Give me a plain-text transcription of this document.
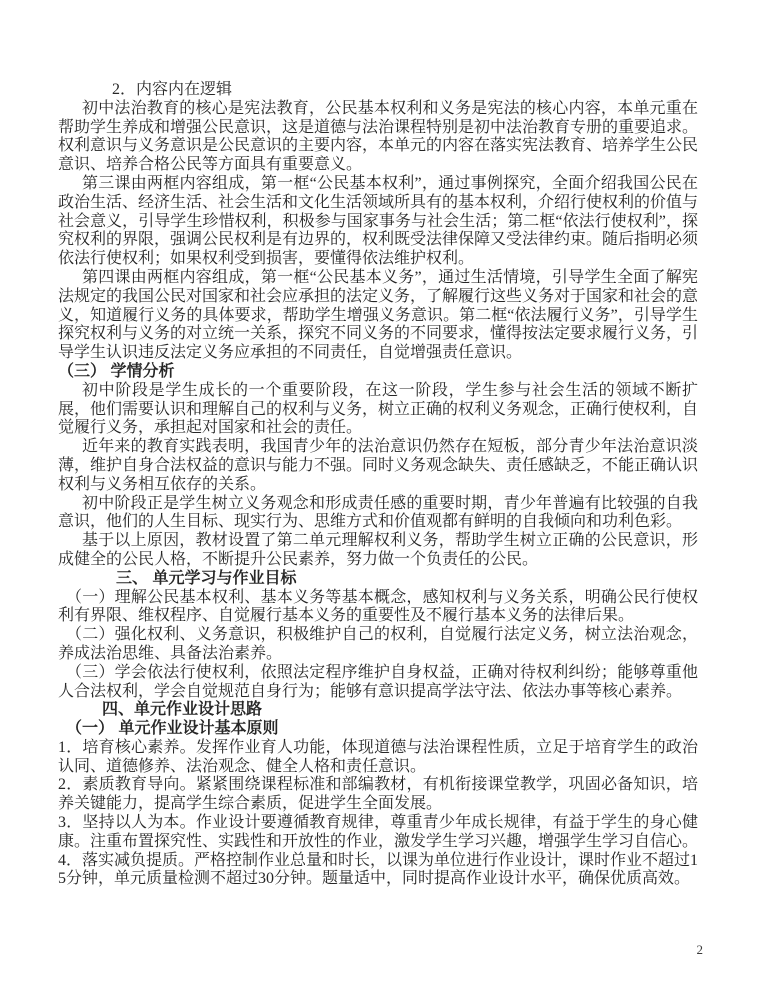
2．内容内在逻辑

初中法治教育的核心是宪法教育，公民基本权利和义务是宪法的核心内容，本单元重在帮助学生养成和增强公民意识，这是道德与法治课程特别是初中法治教育专册的重要追求。权利意识与义务意识是公民意识的主要内容，本单元的内容在落实宪法教育、培养学生公民意识、培养合格公民等方面具有重要意义。

第三课由两框内容组成，第一框“公民基本权利”，通过事例探究，全面介绍我国公民在政治生活、经济生活、社会生活和文化生活领域所具有的基本权利，介绍行使权利的价值与社会意义，引导学生珍惜权利，积极参与国家事务与社会生活；第二框“依法行使权利”，探究权利的界限，强调公民权利是有边界的，权利既受法律保障又受法律约束。随后指明必须依法行使权利；如果权利受到损害，要懂得依法维护权利。

第四课由两框内容组成，第一框“公民基本义务”，通过生活情境，引导学生全面了解宪法规定的我国公民对国家和社会应承担的法定义务，了解履行这些义务对于国家和社会的意义，知道履行义务的具体要求，帮助学生增强义务意识。第二框“依法履行义务”，引导学生探究权利与义务的对立统一关系，探究不同义务的不同要求，懂得按法定要求履行义务，引导学生认识违反法定义务应承担的不同责任，自觉增强责任意识。

（三） 学情分析

初中阶段是学生成长的一个重要阶段，在这一阶段，学生参与社会生活的领域不断扩展，他们需要认识和理解自己的权利与义务，树立正确的权利义务观念，正确行使权利，自觉履行义务，承担起对国家和社会的责任。

近年来的教育实践表明，我国青少年的法治意识仍然存在短板，部分青少年法治意识淡薄，维护自身合法权益的意识与能力不强。同时义务观念缺失、责任感缺乏，不能正确认识权利与义务相互依存的关系。

初中阶段正是学生树立义务观念和形成责任感的重要时期，青少年普遍有比较强的自我意识，他们的人生目标、现实行为、思维方式和价值观都有鲜明的自我倾向和功利色彩。

基于以上原因，教材设置了第二单元理解权利义务，帮助学生树立正确的公民意识，形成健全的公民人格，不断提升公民素养，努力做一个负责任的公民。

三、 单元学习与作业目标

（一）理解公民基本权利、基本义务等基本概念，感知权利与义务关系，明确公民行使权利有界限、维权程序、自觉履行基本义务的重要性及不履行基本义务的法律后果。

（二）强化权利、义务意识，积极维护自己的权利，自觉履行法定义务，树立法治观念，养成法治思维、具备法治素养。

（三）学会依法行使权利，依照法定程序维护自身权益，正确对待权利纠纷；能够尊重他人合法权利，学会自觉规范自身行为；能够有意识提高学法守法、依法办事等核心素养。

四、单元作业设计思路

（一） 单元作业设计基本原则

1．培育核心素养。发挥作业育人功能，体现道德与法治课程性质，立足于培育学生的政治认同、道德修养、法治观念、健全人格和责任意识。

2．素质教育导向。紧紧围绕课程标准和部编教材，有机衔接课堂教学，巩固必备知识，培养关键能力，提高学生综合素质，促进学生全面发展。

3．坚持以人为本。作业设计要遵循教育规律，尊重青少年成长规律，有益于学生的身心健康。注重布置探究性、实践性和开放性的作业，激发学生学习兴趣，增强学生学习自信心。

4．落实减负提质。严格控制作业总量和时长，以课为单位进行作业设计，课时作业不超过15分钟，单元质量检测不超过30分钟。题量适中，同时提高作业设计水平，确保优质高效。

2
